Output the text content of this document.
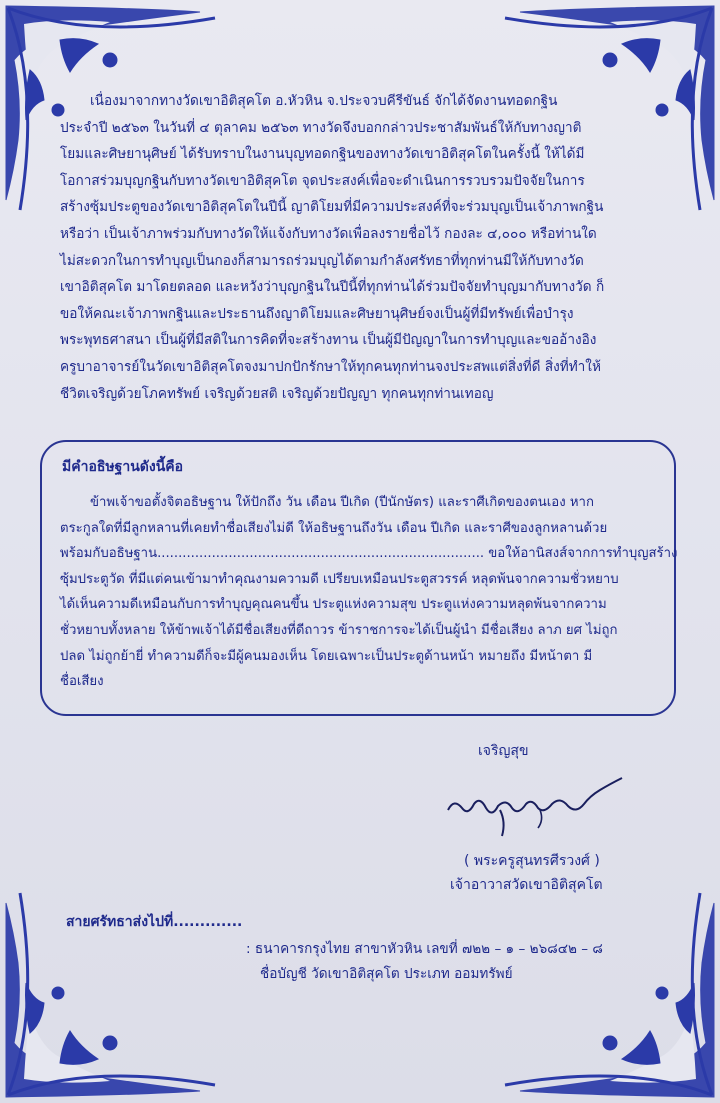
เนื่องมาจากทางวัดเขาอิติสุคโต อ.หัวหิน จ.ประจวบคีรีขันธ์ จักได้จัดงานทอดกฐิน

ประจำปี ๒๕๖๓ ในวันที่ ๔ ตุลาคม ๒๕๖๓ ทางวัดจึงบอกกล่าวประชาสัมพันธ์ให้กับทางญาติ

โยมและศิษยานุศิษย์ ได้รับทราบในงานบุญทอดกฐินของทางวัดเขาอิติสุคโตในครั้งนี้ ให้ได้มี

โอกาสร่วมบุญกฐินกับทางวัดเขาอิติสุคโต จุดประสงค์เพื่อจะดำเนินการรวบรวมปัจจัยในการ

สร้างซุ้มประตูของวัดเขาอิติสุคโตในปีนี้ ญาติโยมที่มีความประสงค์ที่จะร่วมบุญเป็นเจ้าภาพกฐิน

หรือว่า เป็นเจ้าภาพร่วมกับทางวัดให้แจ้งกับทางวัดเพื่อลงรายชื่อไว้ กองละ ๔,๐๐๐ หรือท่านใด

ไม่สะดวกในการทำบุญเป็นกองก็สามารถร่วมบุญได้ตามกำลังศรัทธาที่ทุกท่านมีให้กับทางวัด

เขาอิติสุคโต มาโดยตลอด และหวังว่าบุญกฐินในปีนี้ที่ทุกท่านได้ร่วมปัจจัยทำบุญมากับทางวัด ก็

ขอให้คณะเจ้าภาพกฐินและประธานถึงญาติโยมและศิษยานุศิษย์จงเป็นผู้ที่มีทรัพย์เพื่อบำรุง

พระพุทธศาสนา เป็นผู้ที่มีสติในการคิดที่จะสร้างทาน เป็นผู้มีปัญญาในการทำบุญและขออ้างอิง

ครูบาอาจารย์ในวัดเขาอิติสุคโตจงมาปกปักรักษาให้ทุกคนทุกท่านจงประสพแต่สิ่งที่ดี สิ่งที่ทำให้

ชีวิตเจริญด้วยโภคทรัพย์ เจริญด้วยสติ เจริญด้วยปัญญา ทุกคนทุกท่านเทอญ

มีคำอธิษฐานดังนี้คือ

ข้าพเจ้าขอตั้งจิตอธิษฐาน ให้ปักถึง วัน เดือน ปีเกิด (ปีนักษัตร) และราศีเกิดของตนเอง หาก

ตระกูลใดที่มีลูกหลานที่เคยทำชื่อเสียงไม่ดี ให้อธิษฐานถึงวัน เดือน ปีเกิด และราศีของลูกหลานด้วย

พร้อมกับอธิษฐาน.............................................................................. ขอให้อานิสงส์จากการทำบุญสร้าง

ซุ้มประตูวัด ที่มีแต่คนเข้ามาทำคุณงามความดี เปรียบเหมือนประตูสวรรค์ หลุดพ้นจากความชั่วหยาบ

ได้เห็นความดีเหมือนกับการทำบุญคุณคนขึ้น ประตูแห่งความสุข ประตูแห่งความหลุดพ้นจากความ

ชั่วหยาบทั้งหลาย ให้ข้าพเจ้าได้มีชื่อเสียงที่ดีถาวร ข้าราชการจะได้เป็นผู้นำ มีชื่อเสียง ลาภ ยศ ไม่ถูก

ปลด ไม่ถูกย้ายี่ ทำความดีก็จะมีผู้คนมองเห็น โดยเฉพาะเป็นประตูด้านหน้า หมายถึง มีหน้าตา มี

ชื่อเสียง

เจริญสุข
( พระครูสุนทรศีรวงศ์ )
เจ้าอาวาสวัดเขาอิติสุคโต
สายศรัทธาส่งไปที่.............
: ธนาคารกรุงไทย สาขาหัวหิน เลขที่ ๗๒๒ – ๑ – ๒๖๘๔๒ – ๘
ชื่อบัญชี วัดเขาอิติสุคโต ประเภท ออมทรัพย์
